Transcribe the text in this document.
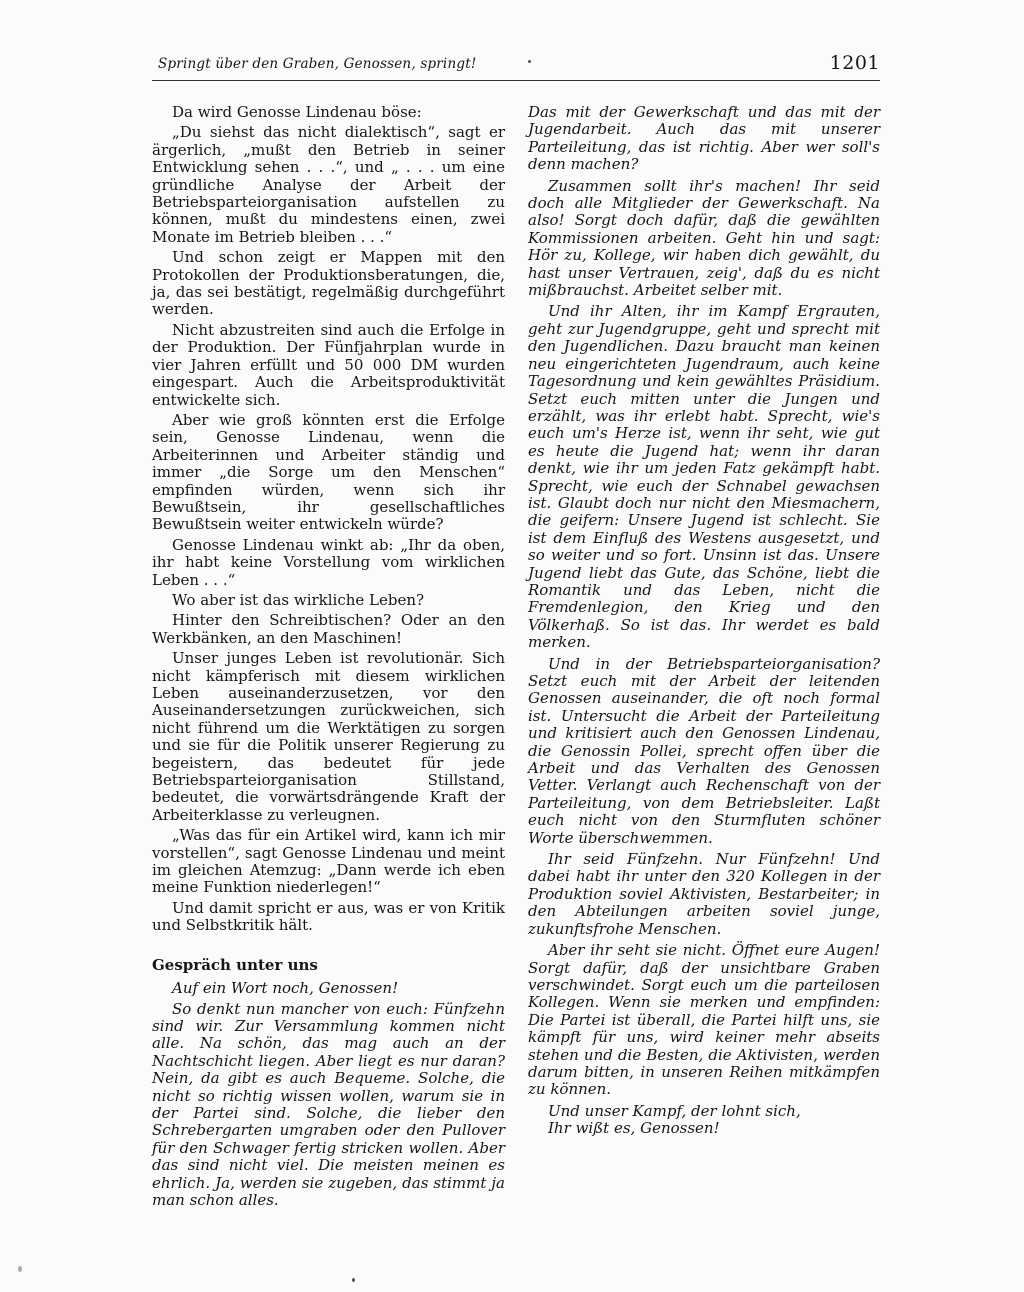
Springt über den Graben, Genossen, springt!	1201

Da wird Genosse Lindenau böse:

„Du siehst das nicht dialektisch“, sagt er ärgerlich, „mußt den Betrieb in seiner Entwicklung sehen . . .“, und „ . . . um eine gründliche Analyse der Arbeit der Betriebsparteiorganisation aufstellen zu können, mußt du mindestens einen, zwei Monate im Betrieb bleiben . . .“

Und schon zeigt er Mappen mit den Protokollen der Produktionsberatungen, die, ja, das sei bestätigt, regelmäßig durchgeführt werden.

Nicht abzustreiten sind auch die Erfolge in der Produktion. Der Fünfjahrplan wurde in vier Jahren erfüllt und 50 000 DM wurden eingespart. Auch die Arbeitsproduktivität entwickelte sich.

Aber wie groß könnten erst die Erfolge sein, Genosse Lindenau, wenn die Arbeiterinnen und Arbeiter ständig und immer „die Sorge um den Menschen“ empfinden würden, wenn sich ihr Bewußtsein, ihr gesellschaftliches Bewußtsein weiter entwickeln würde?

Genosse Lindenau winkt ab: „Ihr da oben, ihr habt keine Vorstellung vom wirklichen Leben . . .“

Wo aber ist das wirkliche Leben?

Hinter den Schreibtischen? Oder an den Werkbänken, an den Maschinen!

Unser junges Leben ist revolutionär. Sich nicht kämpferisch mit diesem wirklichen Leben auseinanderzusetzen, vor den Auseinandersetzungen zurückweichen, sich nicht führend um die Werktätigen zu sorgen und sie für die Politik unserer Regierung zu begeistern, das bedeutet für jede Betriebsparteiorganisation Stillstand, bedeutet, die vorwärtsdrängende Kraft der Arbeiterklasse zu verleugnen.

„Was das für ein Artikel wird, kann ich mir vorstellen“, sagt Genosse Lindenau und meint im gleichen Atemzug: „Dann werde ich eben meine Funktion niederlegen!“

Und damit spricht er aus, was er von Kritik und Selbstkritik hält.

Gespräch unter uns

Auf ein Wort noch, Genossen!

So denkt nun mancher von euch: Fünfzehn sind wir. Zur Versammlung kommen nicht alle. Na schön, das mag auch an der Nachtschicht liegen. Aber liegt es nur daran? Nein, da gibt es auch Bequeme. Solche, die nicht so richtig wissen wollen, warum sie in der Partei sind. Solche, die lieber den Schrebergarten umgraben oder den Pullover für den Schwager fertig stricken wollen. Aber das sind nicht viel. Die meisten meinen es ehrlich. Ja, werden sie zugeben, das stimmt ja man schon alles.

Das mit der Gewerkschaft und das mit der Jugendarbeit. Auch das mit unserer Parteileitung, das ist richtig. Aber wer soll's denn machen?

Zusammen sollt ihr's machen! Ihr seid doch alle Mitglieder der Gewerkschaft. Na also! Sorgt doch dafür, daß die gewählten Kommissionen arbeiten. Geht hin und sagt: Hör zu, Kollege, wir haben dich gewählt, du hast unser Vertrauen, zeig', daß du es nicht mißbrauchst. Arbeitet selber mit.

Und ihr Alten, ihr im Kampf Ergrauten, geht zur Jugendgruppe, geht und sprecht mit den Jugendlichen. Dazu braucht man keinen neu eingerichteten Jugendraum, auch keine Tagesordnung und kein gewähltes Präsidium. Setzt euch mitten unter die Jungen und erzählt, was ihr erlebt habt. Sprecht, wie's euch um's Herze ist, wenn ihr seht, wie gut es heute die Jugend hat; wenn ihr daran denkt, wie ihr um jeden Fatz gekämpft habt. Sprecht, wie euch der Schnabel gewachsen ist. Glaubt doch nur nicht den Miesmachern, die geifern: Unsere Jugend ist schlecht. Sie ist dem Einfluß des Westens ausgesetzt, und so weiter und so fort. Unsinn ist das. Unsere Jugend liebt das Gute, das Schöne, liebt die Romantik und das Leben, nicht die Fremdenlegion, den Krieg und den Völkerhaß. So ist das. Ihr werdet es bald merken.

Und in der Betriebsparteiorganisation? Setzt euch mit der Arbeit der leitenden Genossen auseinander, die oft noch formal ist. Untersucht die Arbeit der Parteileitung und kritisiert auch den Genossen Lindenau, die Genossin Pollei, sprecht offen über die Arbeit und das Verhalten des Genossen Vetter. Verlangt auch Rechenschaft von der Parteileitung, von dem Betriebsleiter. Laßt euch nicht von den Sturmfluten schöner Worte überschwemmen.

Ihr seid Fünfzehn. Nur Fünfzehn! Und dabei habt ihr unter den 320 Kollegen in der Produktion soviel Aktivisten, Bestarbeiter; in den Abteilungen arbeiten soviel junge, zukunftsfrohe Menschen.

Aber ihr seht sie nicht. Öffnet eure Augen! Sorgt dafür, daß der unsichtbare Graben verschwindet. Sorgt euch um die parteilosen Kollegen. Wenn sie merken und empfinden: Die Partei ist überall, die Partei hilft uns, sie kämpft für uns, wird keiner mehr abseits stehen und die Besten, die Aktivisten, werden darum bitten, in unseren Reihen mitkämpfen zu können.

Und unser Kampf, der lohnt sich,

Ihr wißt es, Genossen!
